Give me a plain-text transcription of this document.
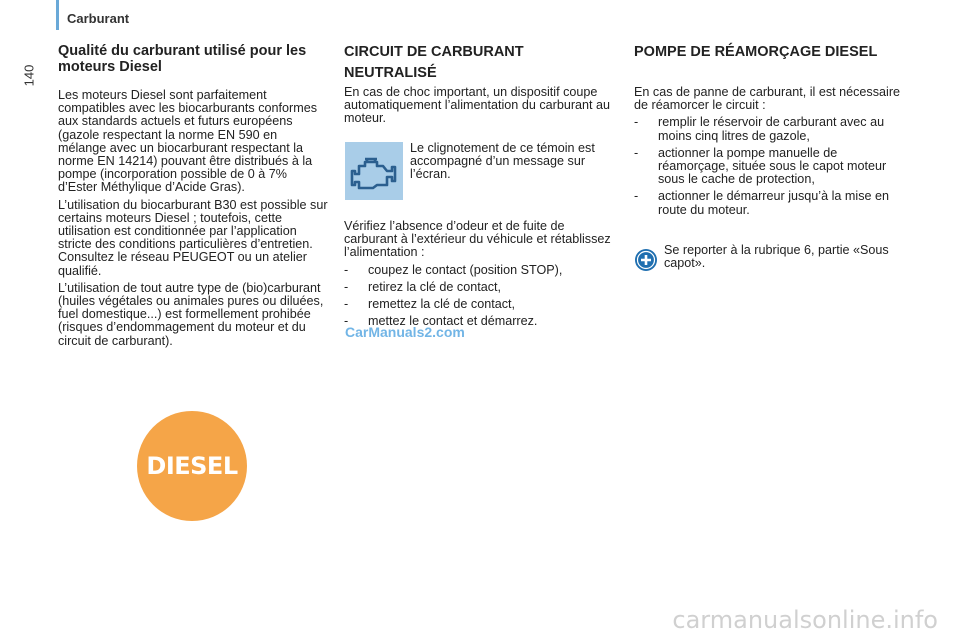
Carburant
140
Qualité du carburant utilisé pour les moteurs Diesel

Les moteurs Diesel sont parfaitement compatibles avec les biocarburants conformes aux standards actuels et futurs européens (gazole respectant la norme EN 590 en mélange avec un biocarburant respectant la norme EN 14214) pouvant être distribués à la pompe (incorporation possible de 0 à 7% d’Ester Méthylique d’Acide Gras).

L’utilisation du biocarburant B30 est possible sur certains moteurs Diesel ; toutefois, cette utilisation est conditionnée par l’application stricte des conditions particulières d’entretien. Consultez le réseau PEUGEOT ou un atelier qualifié.

L’utilisation de tout autre type de (bio)carburant (huiles végétales ou animales pures ou diluées, fuel domestique...) est formellement prohibée (risques d’endommagement du moteur et du circuit de carburant).

DIESEL
CIRCUIT DE CARBURANT NEUTRALISÉ

En cas de choc important, un dispositif coupe automatiquement l’alimentation du carburant au moteur.

Le clignotement de ce témoin est accompagné d’un message sur l’écran.

Vérifiez l’absence d’odeur et de fuite de carburant à l’extérieur du véhicule et rétablissez l’alimentation :

- coupez le contact (position STOP),
- retirez la clé de contact,
- remettez la clé de contact,
- mettez le contact et démarrez.
CarManuals2.com
POMPE DE RÉAMORÇAGE DIESEL

En cas de panne de carburant, il est nécessaire de réamorcer le circuit :

- remplir le réservoir de carburant avec au moins cinq litres de gazole,
- actionner la pompe manuelle de réamorçage, située sous le capot moteur sous le cache de protection,
- actionner le démarreur jusqu’à la mise en route du moteur.
Se reporter à la rubrique 6, partie «Sous capot».
carmanualsonline.info
